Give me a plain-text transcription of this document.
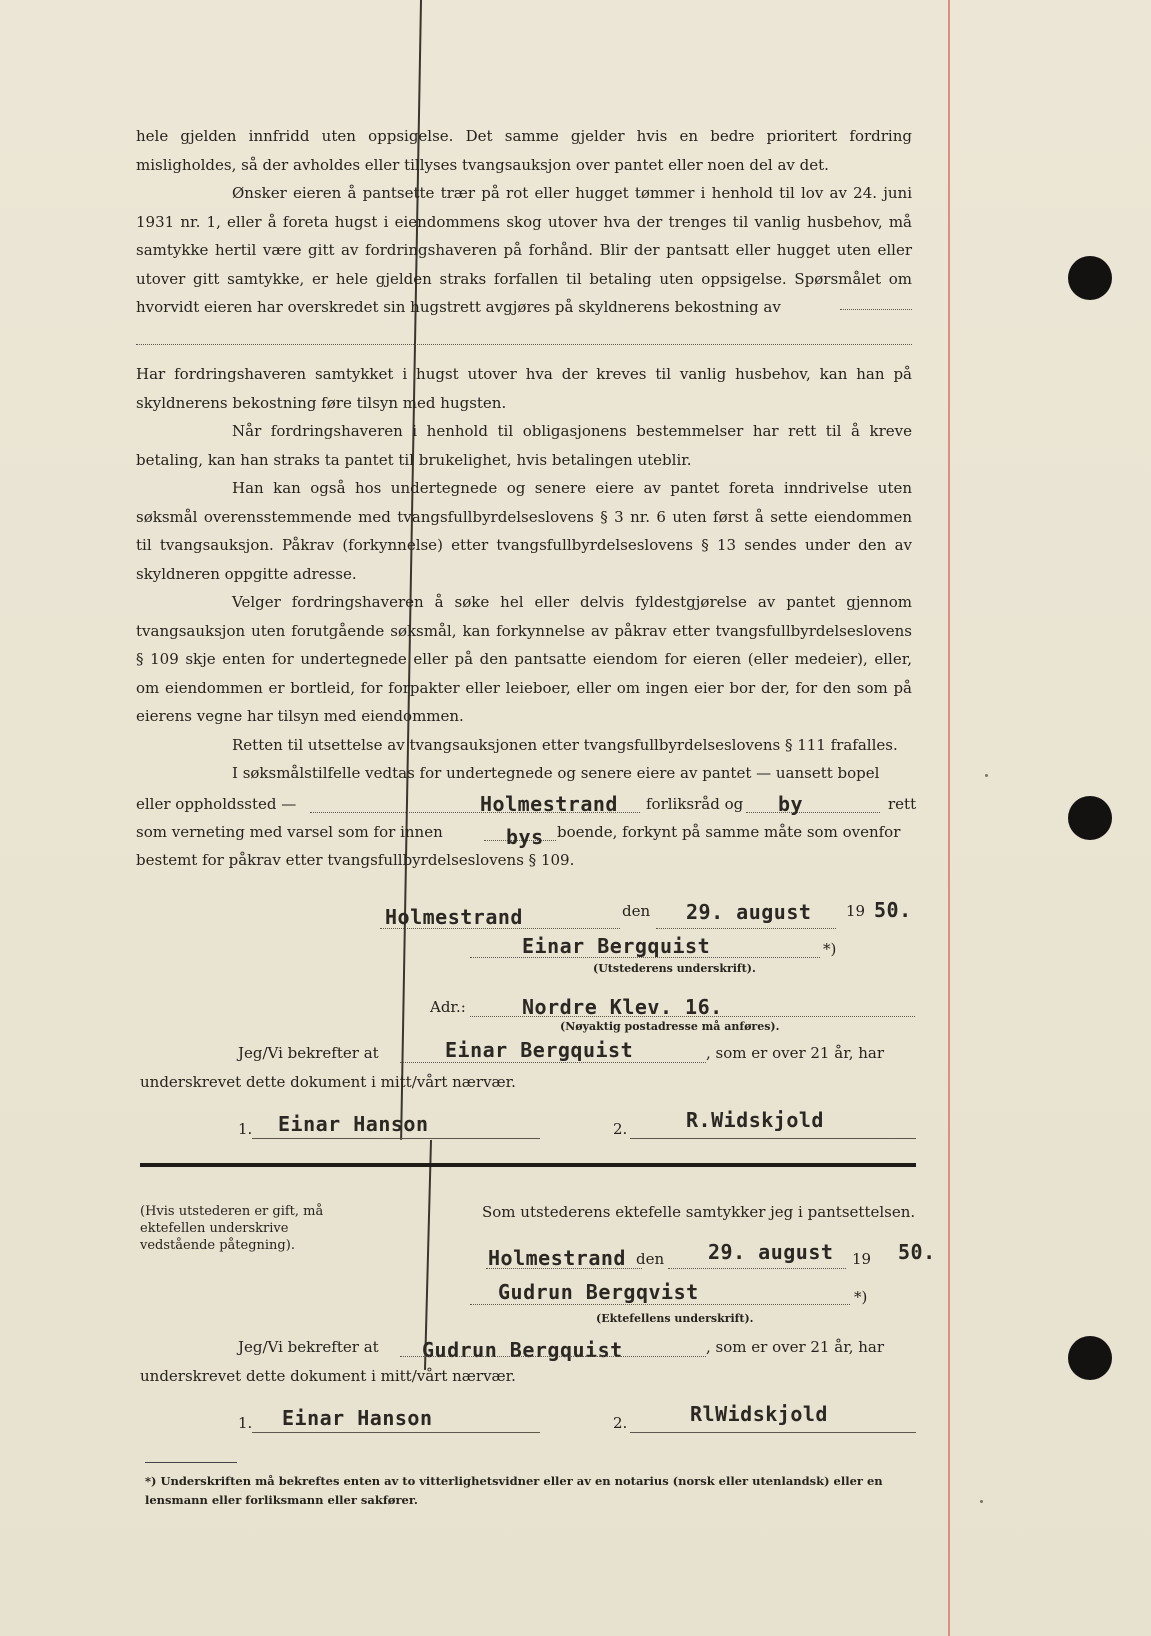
hele gjelden innfridd uten oppsigelse. Det samme gjelder hvis en bedre prioritert fordring misligholdes, så der avholdes eller tillyses tvangsauksjon over pantet eller noen del av det.

Ønsker eieren å pantsette trær på rot eller hugget tømmer i henhold til lov av 24. juni 1931 nr. 1, eller å foreta hugst i eiendommens skog utover hva der trenges til vanlig husbehov, må samtykke hertil være gitt av fordringshaveren på forhånd. Blir der pantsatt eller hugget uten eller utover gitt samtykke, er hele gjelden straks forfallen til betaling uten oppsigelse. Spørsmålet om hvorvidt eieren har overskredet sin hugstrett avgjøres på skyldnerens bekostning av

Har fordringshaveren samtykket i hugst utover hva der kreves til vanlig husbehov, kan han på skyldnerens bekostning føre tilsyn med hugsten.

Når fordringshaveren i henhold til obligasjonens bestemmelser har rett til å kreve betaling, kan han straks ta pantet til brukelighet, hvis betalingen uteblir.

Han kan også hos undertegnede og senere eiere av pantet foreta inndrivelse uten søksmål overensstemmende med tvangsfullbyrdelseslovens § 3 nr. 6 uten først å sette eiendommen til tvangsauksjon. Påkrav (forkynnelse) etter tvangsfullbyrdelseslovens § 13 sendes under den av skyldneren oppgitte adresse.

Velger fordringshaveren å søke hel eller delvis fyldestgjørelse av pantet gjennom tvangsauksjon uten forutgående søksmål, kan forkynnelse av påkrav etter tvangsfullbyrdelseslovens § 109 skje enten for undertegnede eller på den pantsatte eiendom for eieren (eller medeier), eller, om eiendommen er bortleid, for forpakter eller leieboer, eller om ingen eier bor der, for den som på eierens vegne har tilsyn med eiendommen.

Retten til utsettelse av tvangsauksjonen etter tvangsfullbyrdelseslovens § 111 frafalles.

I søksmålstilfelle vedtas for undertegnede og senere eiere av pantet — uansett bopel

eller oppholdssted —	Holmestrand forliksråd og by	rett
som verneting med varsel som for innen	bys boende, forkynt på samme måte som ovenfor
bestemt for påkrav etter tvangsfullbyrdelseslovens § 109.
Holmestrand	den 29. august 19 50.
Einar Bergquist	*)
(Utstederens underskrift).
Adr.:	Nordre Klev. 16.
(Nøyaktig postadresse må anføres).
Jeg/Vi bekrefter at	Einar Bergquist	, som er over 21 år, har
underskrevet dette dokument i mitt/vårt nærvær.
1. Einar Hanson	2.	R.Widskjold
(Hvis utstederen er gift, må ektefellen underskrive vedstående påtegning).
Som utstederens ektefelle samtykker jeg i pantsettelsen.
Holmestrand den 29. august 19 50.
Gudrun Bergqvist	*)
(Ektefellens underskrift).
Jeg/Vi bekrefter at Gudrun Bergquist	, som er over 21 år, har
underskrevet dette dokument i mitt/vårt nærvær.
1. Einar Hanson	2.	RlWidskjold
*) Underskriften må bekreftes enten av to vitterlighetsvidner eller av en notarius (norsk eller utenlandsk) eller en lensmann eller forliksmann eller sakfører.
